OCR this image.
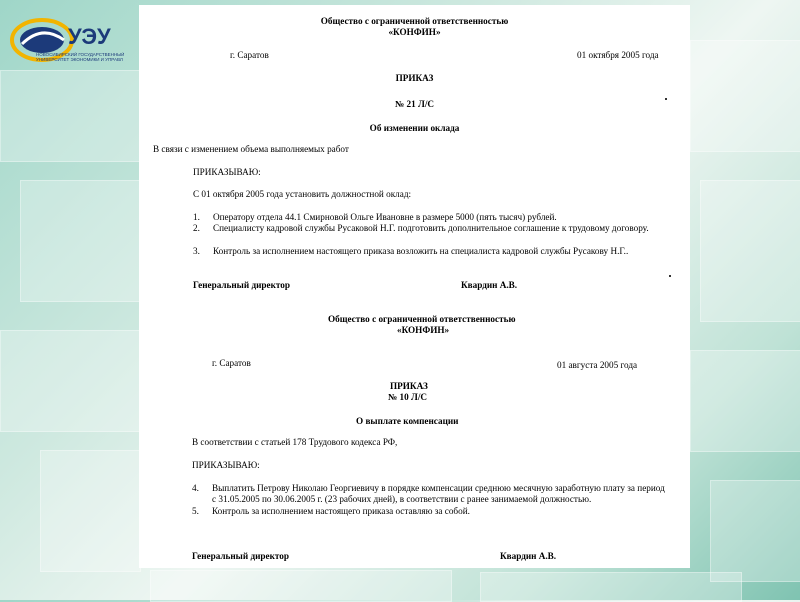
УЭУ
НОВОСИБИРСКИЙ ГОСУДАРСТВЕННЫЙ
УНИВЕРСИТЕТ ЭКОНОМИКИ И УПРАВЛ
Общество с ограниченной ответственностью
«КОНФИН»
г. Саратов	01 октября 2005 года
ПРИКАЗ
№ 21 Л/С
Об изменении оклада
В связи с изменением объема выполняемых работ
ПРИКАЗЫВАЮ:
С 01 октября 2005 года установить должностной оклад:
1. Оператору отдела 44.1 Смирновой Ольге Ивановне в размере 5000 (пять тысяч) рублей.
2. Специалисту кадровой службы Русаковой Н.Г. подготовить дополнительное соглашение к трудовому договору.
3. Контроль за исполнением настоящего приказа возложить на специалиста кадровой службы Русакову Н.Г..
Генеральный директор	Квардин А.В.
Общество с ограниченной ответственностью
«КОНФИН»
г. Саратов	01 августа 2005 года
ПРИКАЗ
№ 10 Л/С
О выплате компенсации
В соответствии с статьей 178 Трудового кодекса РФ,
ПРИКАЗЫВАЮ:
4. Выплатить Петрову Николаю Георгиевичу в порядке компенсации среднюю месячную заработную плату за период с 31.05.2005 по 30.06.2005 г. (23 рабочих дней), в соответствии с ранее занимаемой должностью.
5. Контроль за исполнением настоящего приказа оставляю за собой.
Генеральный директор	Квардин А.В.
